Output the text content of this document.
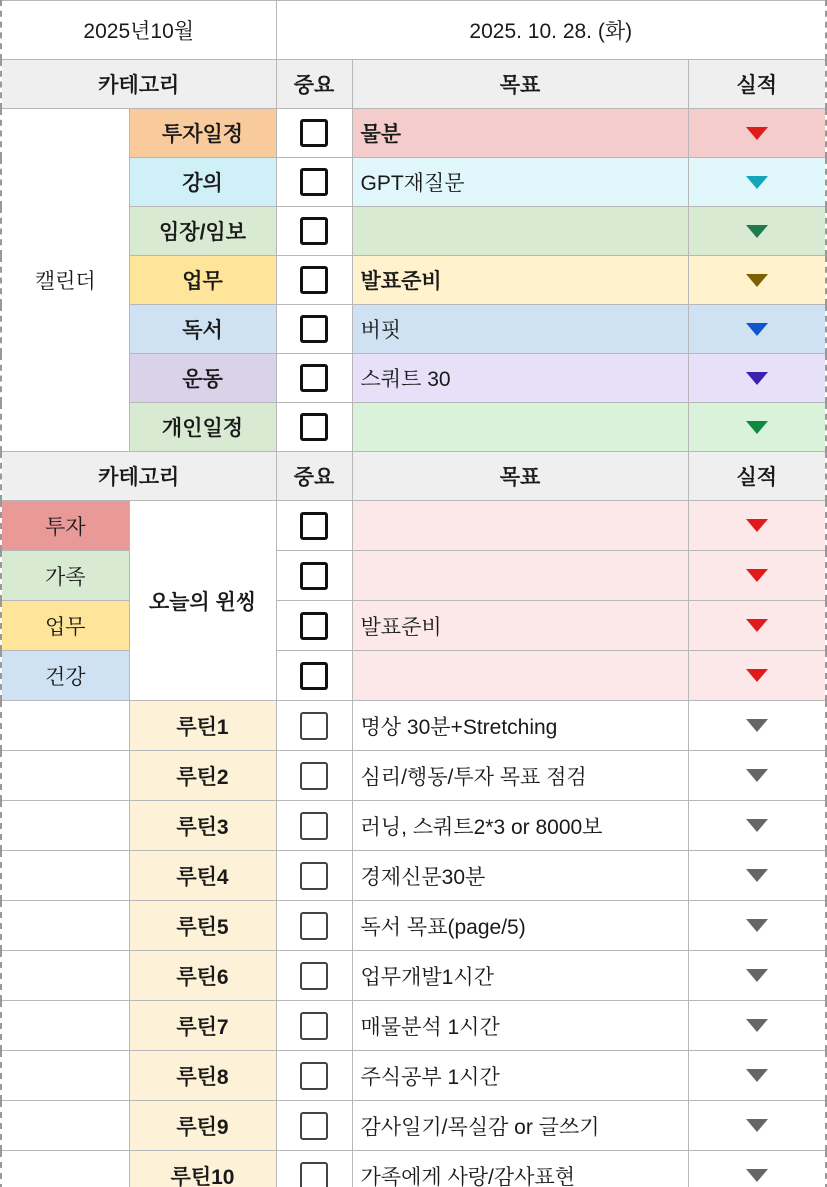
2025년10월		2025. 10. 28. (화)		

카테고리		중요	목표	실적

캘린더	투자일정		물분	

	강의		GPT재질문	

	임장/임보			

	업무		발표준비	

	독서		버핏	

	운동		스쿼트 30	

	개인일정			

카테고리		중요	목표	실적

투자	오늘의 윈씽			

가족				

업무			발표준비	

건강				

	루틴1		명상 30분+Stretching	

	루틴2		심리/행동/투자 목표 점검	

	루틴3		러닝, 스쿼트2*3 or 8000보	

	루틴4		경제신문30분	

	루틴5		독서 목표(page/5)	

	루틴6		업무개발1시간	

	루틴7		매물분석 1시간	

	루틴8		주식공부 1시간	

	루틴9		감사일기/목실감 or 글쓰기	

	루틴10		가족에게 사랑/감사표현	
